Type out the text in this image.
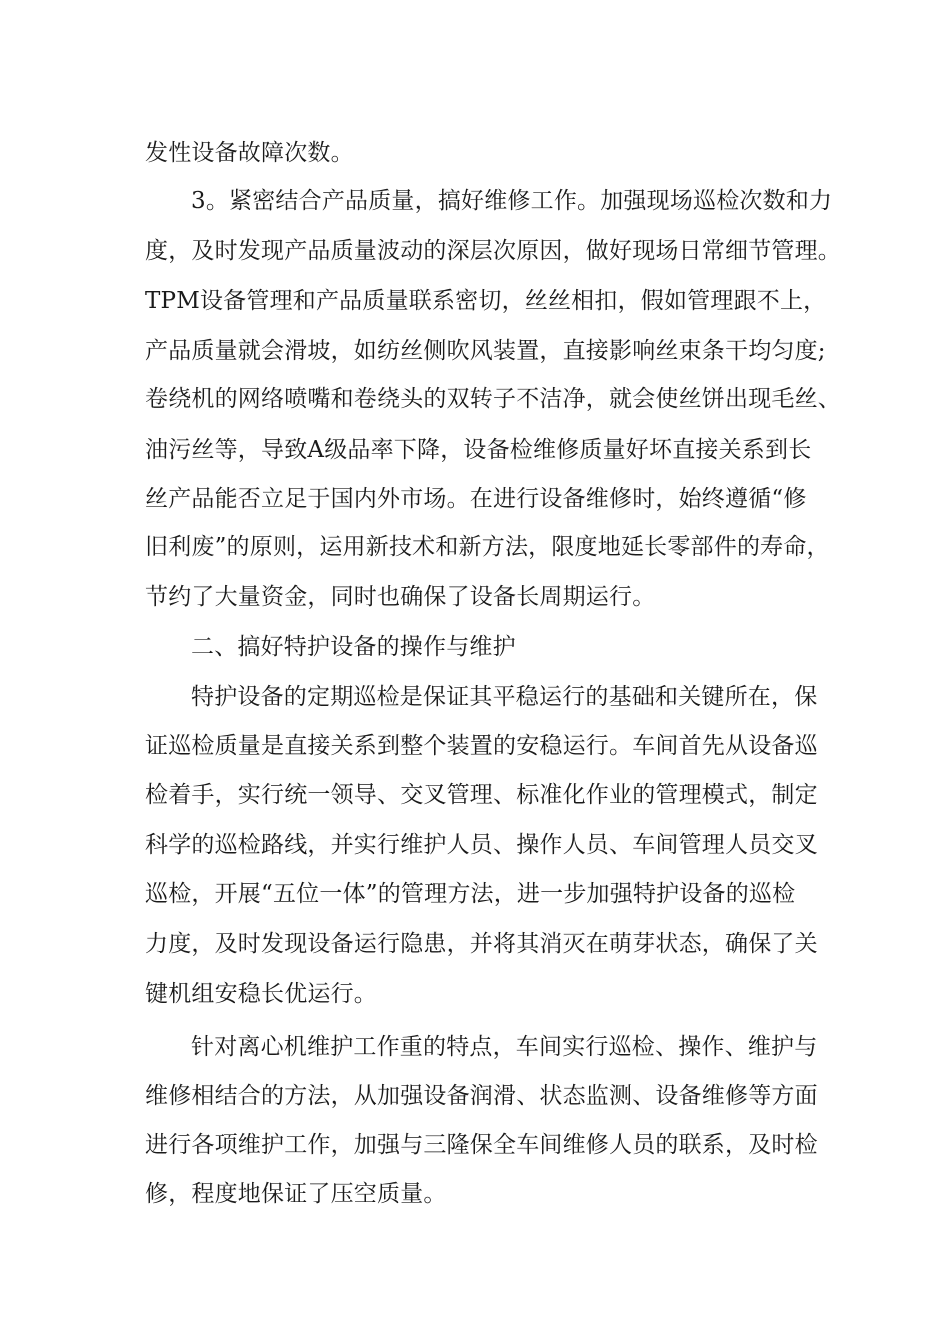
发性设备故障次数。
3。紧密结合产品质量，搞好维修工作。加强现场巡检次数和力
度，及时发现产品质量波动的深层次原因，做好现场日常细节管理。
TPM设备管理和产品质量联系密切，丝丝相扣，假如管理跟不上，
产品质量就会滑坡，如纺丝侧吹风装置，直接影响丝束条干均匀度;
卷绕机的网络喷嘴和卷绕头的双转子不洁净，就会使丝饼出现毛丝、
油污丝等，导致A级品率下降，设备检维修质量好坏直接关系到长
丝产品能否立足于国内外市场。在进行设备维修时，始终遵循“修
旧利废”的原则，运用新技术和新方法，限度地延长零部件的寿命，
节约了大量资金，同时也确保了设备长周期运行。
二、搞好特护设备的操作与维护
特护设备的定期巡检是保证其平稳运行的基础和关键所在，保
证巡检质量是直接关系到整个装置的安稳运行。车间首先从设备巡
检着手，实行统一领导、交叉管理、标准化作业的管理模式，制定
科学的巡检路线，并实行维护人员、操作人员、车间管理人员交叉
巡检，开展“五位一体”的管理方法，进一步加强特护设备的巡检
力度，及时发现设备运行隐患，并将其消灭在萌芽状态，确保了关
键机组安稳长优运行。
针对离心机维护工作重的特点，车间实行巡检、操作、维护与
维修相结合的方法，从加强设备润滑、状态监测、设备维修等方面
进行各项维护工作，加强与三隆保全车间维修人员的联系，及时检
修，程度地保证了压空质量。
